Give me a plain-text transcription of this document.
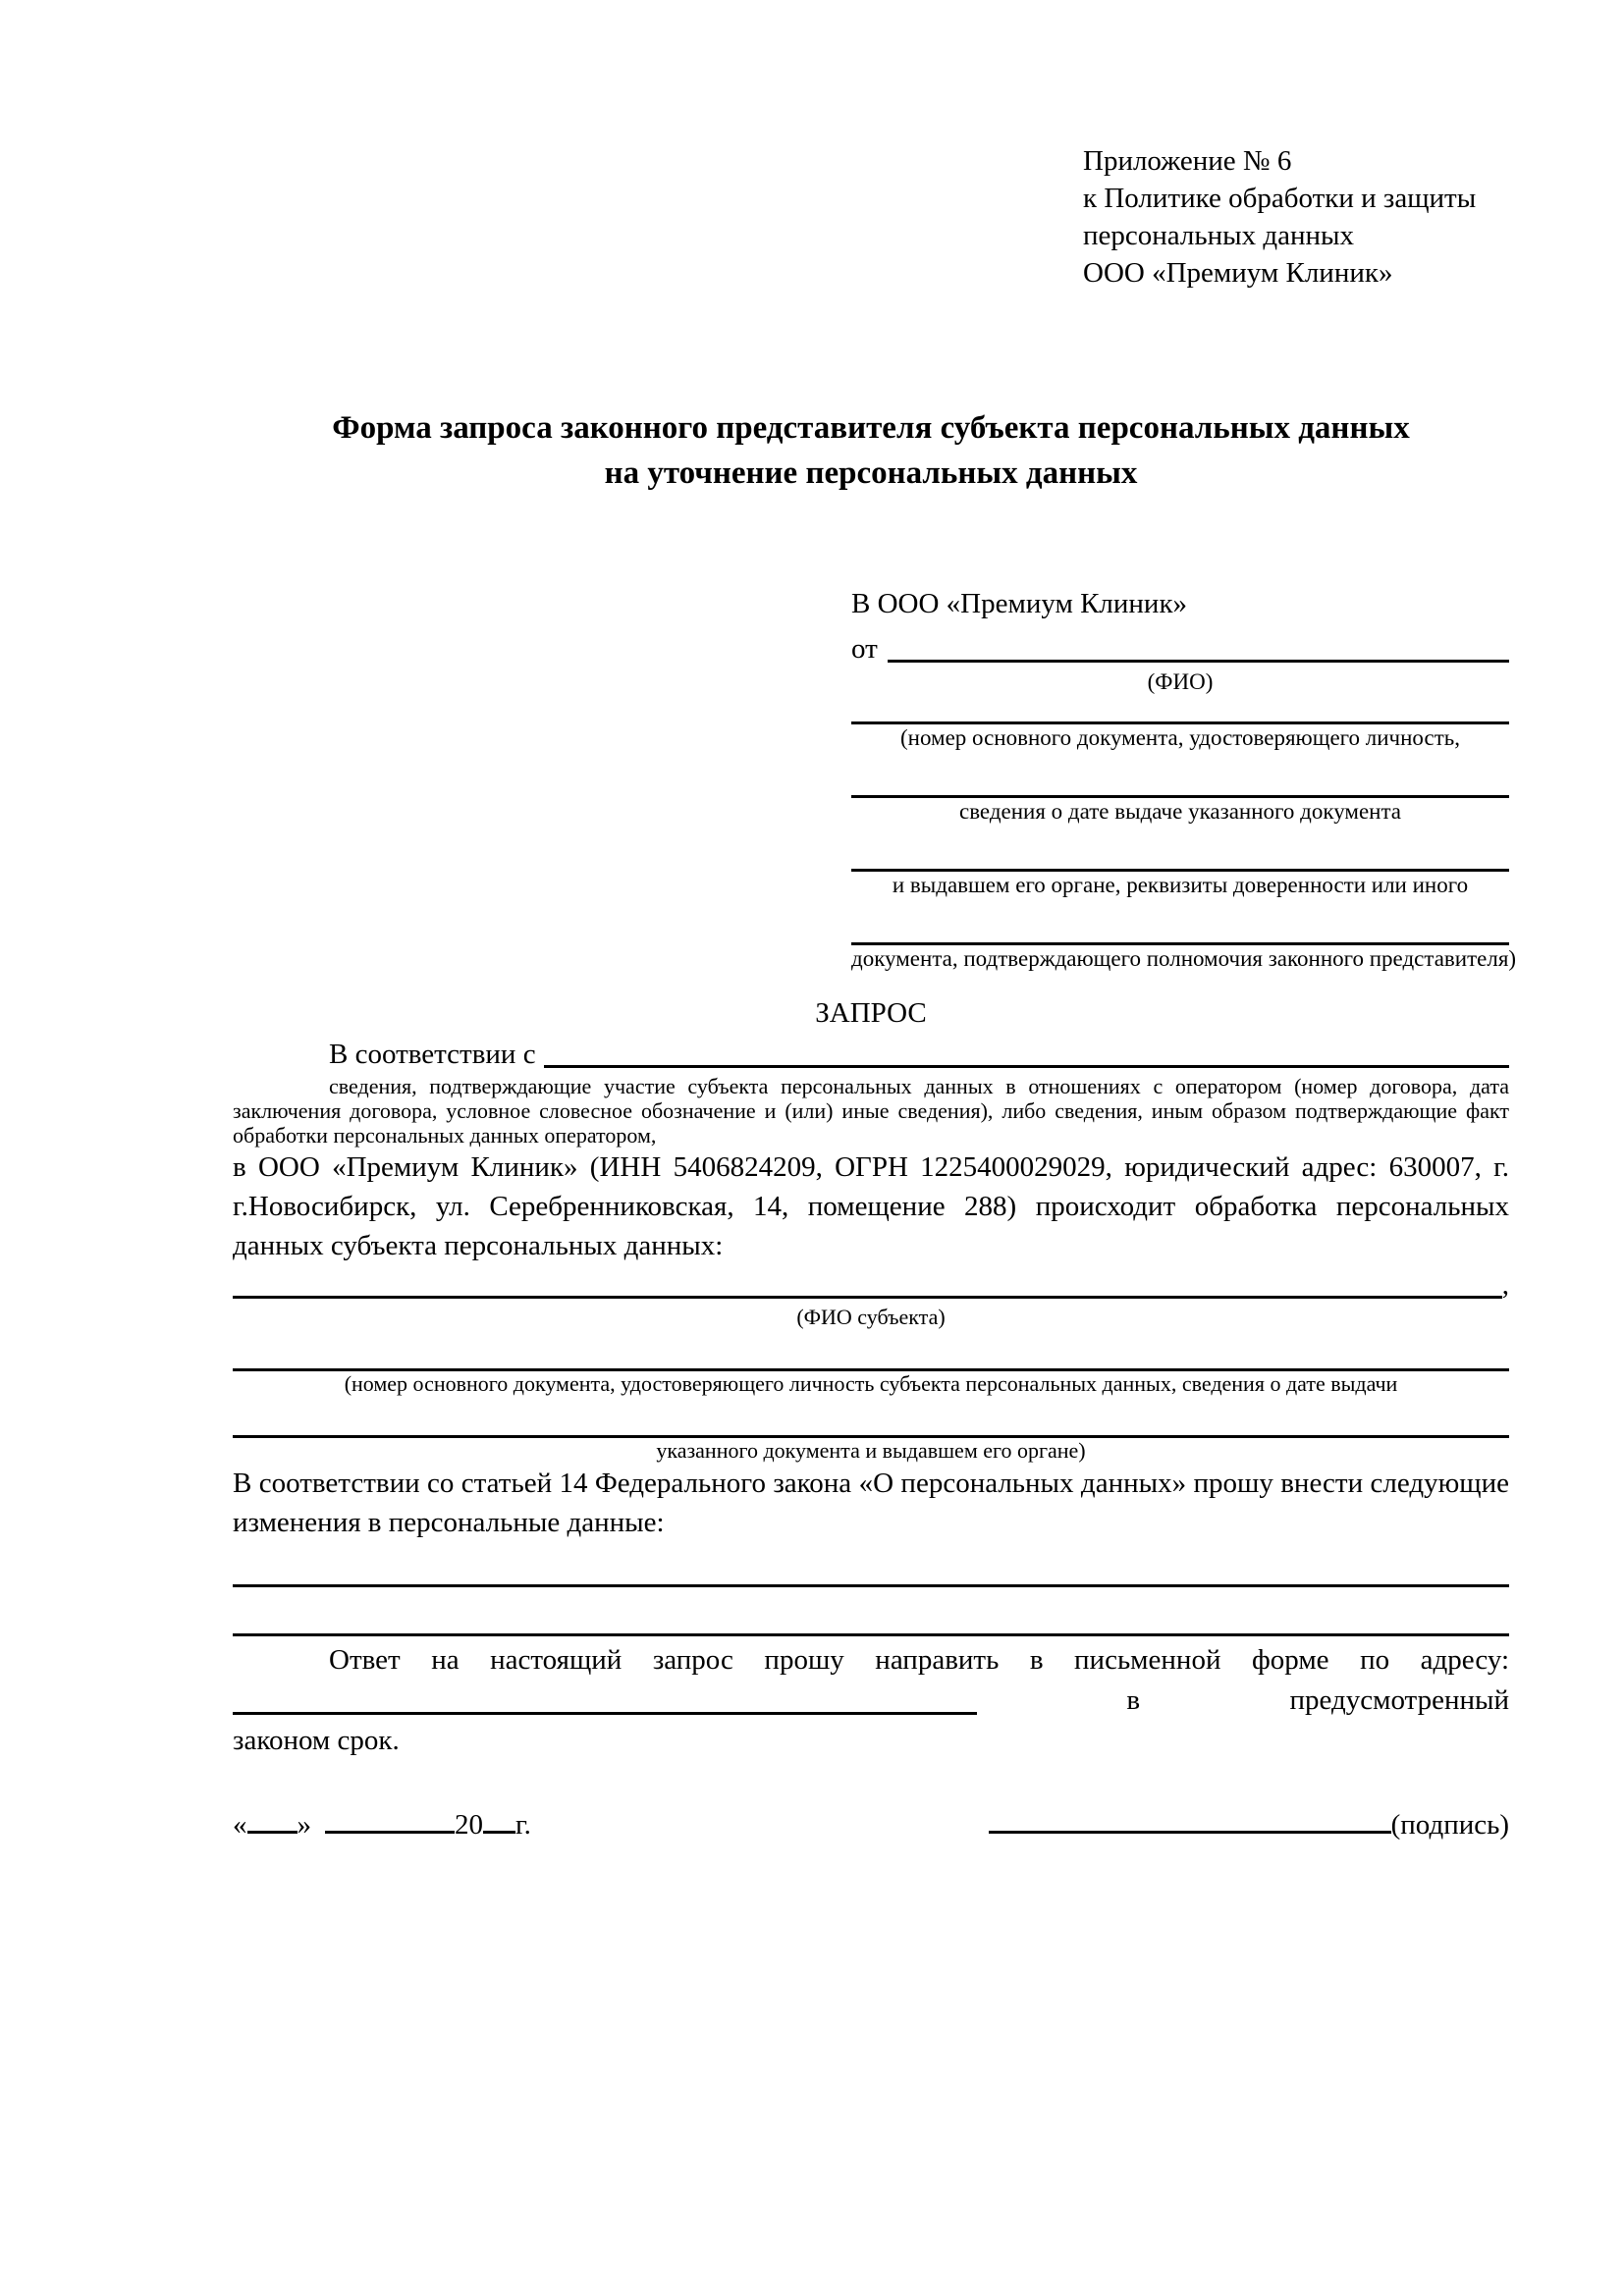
Приложение № 6
к Политике обработки и защиты
персональных данных
ООО «Премиум Клиник»
Форма запроса законного представителя субъекта персональных данных
на уточнение персональных данных
В ООО «Премиум Клиник»
от
(ФИО)
(номер основного документа, удостоверяющего личность,
сведения о дате выдаче указанного документа
и выдавшем его органе, реквизиты доверенности или иного
документа, подтверждающего полномочия законного представителя)
ЗАПРОС
В соответствии с
сведения, подтверждающие участие субъекта персональных данных в отношениях с оператором (номер договора, дата заключения договора, условное словесное обозначение и (или) иные сведения), либо сведения, иным образом подтверждающие факт обработки персональных данных оператором,
в ООО «Премиум Клиник» (ИНН 5406824209, ОГРН 1225400029029, юридический адрес: 630007, г. г.Новосибирск, ул. Серебренниковская, 14, помещение 288) происходит обработка персональных данных субъекта персональных данных:
,
(ФИО субъекта)
(номер основного документа, удостоверяющего личность субъекта персональных данных, сведения о дате выдачи
указанного документа и выдавшем его органе)
В соответствии со статьей 14 Федерального закона «О персональных данных» прошу внести следующие изменения в персональные данные:
Ответ на настоящий запрос прошу направить в письменной форме по адресу:
в	предусмотренный
законом срок.
« »	20 г.	(подпись)
